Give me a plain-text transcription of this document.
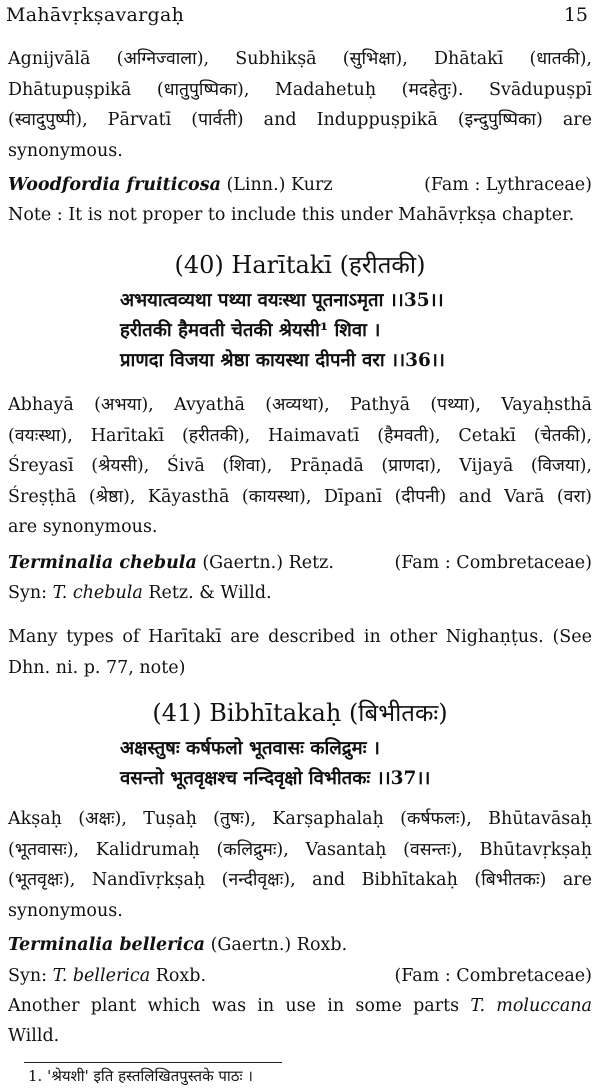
Mahāvṛkṣavargaḥ	15
Agnijvālā (अग्निज्वाला), Subhikṣā (सुभिक्षा), Dhātakī (धातकी),
Dhātupuṣpikā (धातुपुष्पिका), Madahetuḥ (मदहेतुः). Svādupuṣpī
(स्वादुपुष्पी), Pārvatī (पार्वती) and Induppuṣpikā (इन्दुपुष्पिका) are
synonymous.
Woodfordia fruiticosa (Linn.) Kurz	(Fam : Lythraceae)
Note : It is not proper to include this under Mahāvṛkṣa chapter.
(40) Harītakī (हरीतकी)
अभयात्वव्यथा पथ्या वयःस्था पूतनाऽमृता ।।35।।
हरीतकी हैमवती चेतकी श्रेयसी¹ शिवा ।
प्राणदा विजया श्रेष्ठा कायस्था दीपनी वरा ।।36।।
Abhayā (अभया), Avyathā (अव्यथा), Pathyā (पथ्या), Vayaḥsthā
(वयःस्था), Harītakī (हरीतकी), Haimavatī (हैमवती), Cetakī (चेतकी),
Śreyasī (श्रेयसी), Śivā (शिवा), Prāṇadā (प्राणदा), Vijayā (विजया),
Śreṣṭhā (श्रेष्ठा), Kāyasthā (कायस्था), Dīpanī (दीपनी) and Varā (वरा)
are synonymous.
Terminalia chebula (Gaertn.) Retz.	(Fam : Combretaceae)
Syn: T. chebula Retz. & Willd.
Many types of Harītakī are described in other Nighaṇṭus. (See
Dhn. ni. p. 77, note)
(41) Bibhītakaḥ (बिभीतकः)
अक्षस्तुषः कर्षफलो भूतवासः कलिद्रुमः ।
वसन्तो भूतवृक्षश्च नन्दिवृक्षो विभीतकः ।।37।।
Akṣaḥ (अक्षः), Tuṣaḥ (तुषः), Karṣaphalaḥ (कर्षफलः), Bhūtavāsaḥ
(भूतवासः), Kalidrumaḥ (कलिद्रुमः), Vasantaḥ (वसन्तः), Bhūtavṛkṣaḥ
(भूतवृक्षः), Nandīvṛkṣaḥ (नन्दीवृक्षः), and Bibhītakaḥ (बिभीतकः) are
synonymous.
Terminalia bellerica (Gaertn.) Roxb.
Syn: T. bellerica Roxb.	(Fam : Combretaceae)
Another plant which was in use in some parts T. moluccana
Willd.
1. 'श्रेयशी' इति हस्तलिखितपुस्तके पाठः ।
